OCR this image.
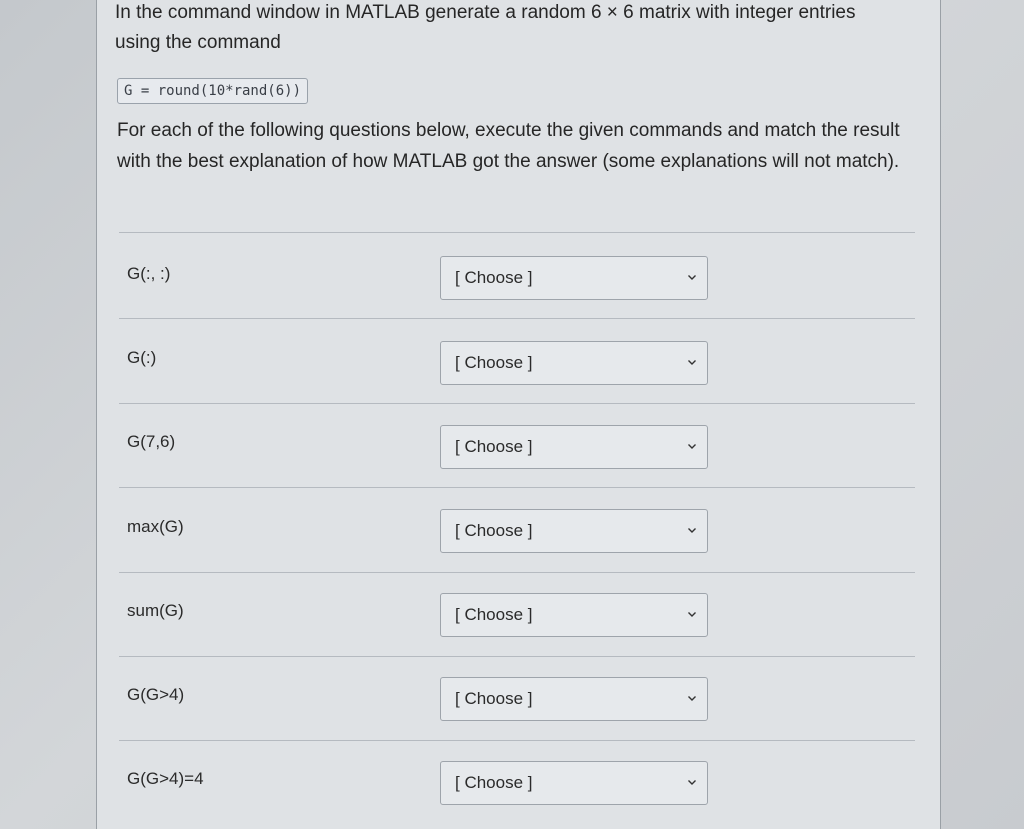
In the command window in MATLAB generate a random 6 × 6 matrix with integer entries
using the command
G = round(10*rand(6))
For each of the following questions below, execute the given commands and match the result with the best explanation of how MATLAB got the answer (some explanations will not match).
G(:, :)	[ Choose ]
G(:)	[ Choose ]
G(7,6)	[ Choose ]
max(G)	[ Choose ]
sum(G)	[ Choose ]
G(G>4)	[ Choose ]
G(G>4)=4	[ Choose ]
